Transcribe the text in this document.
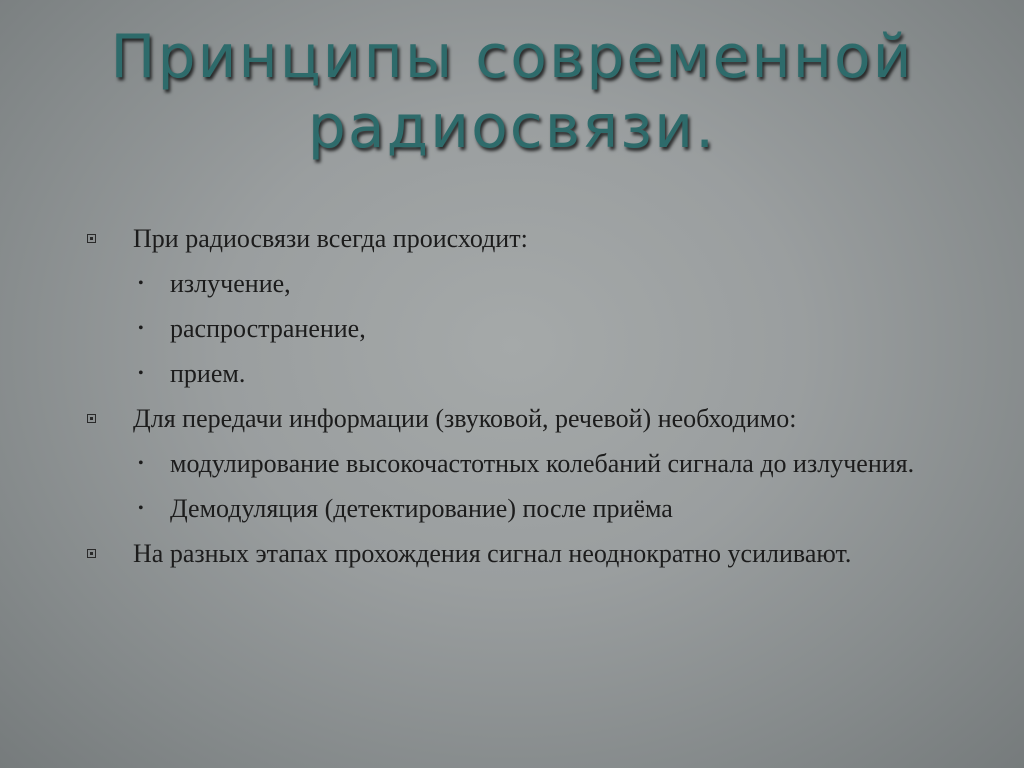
Принципы современной
радиосвязи.
При радиосвязи всегда происходит:
• излучение,
• распространение,
• прием.
Для передачи информации (звуковой, речевой) необходимо:
• модулирование высокочастотных колебаний сигнала до излучения.
• Демодуляция (детектирование) после приёма
На разных этапах прохождения сигнал неоднократно усиливают.
